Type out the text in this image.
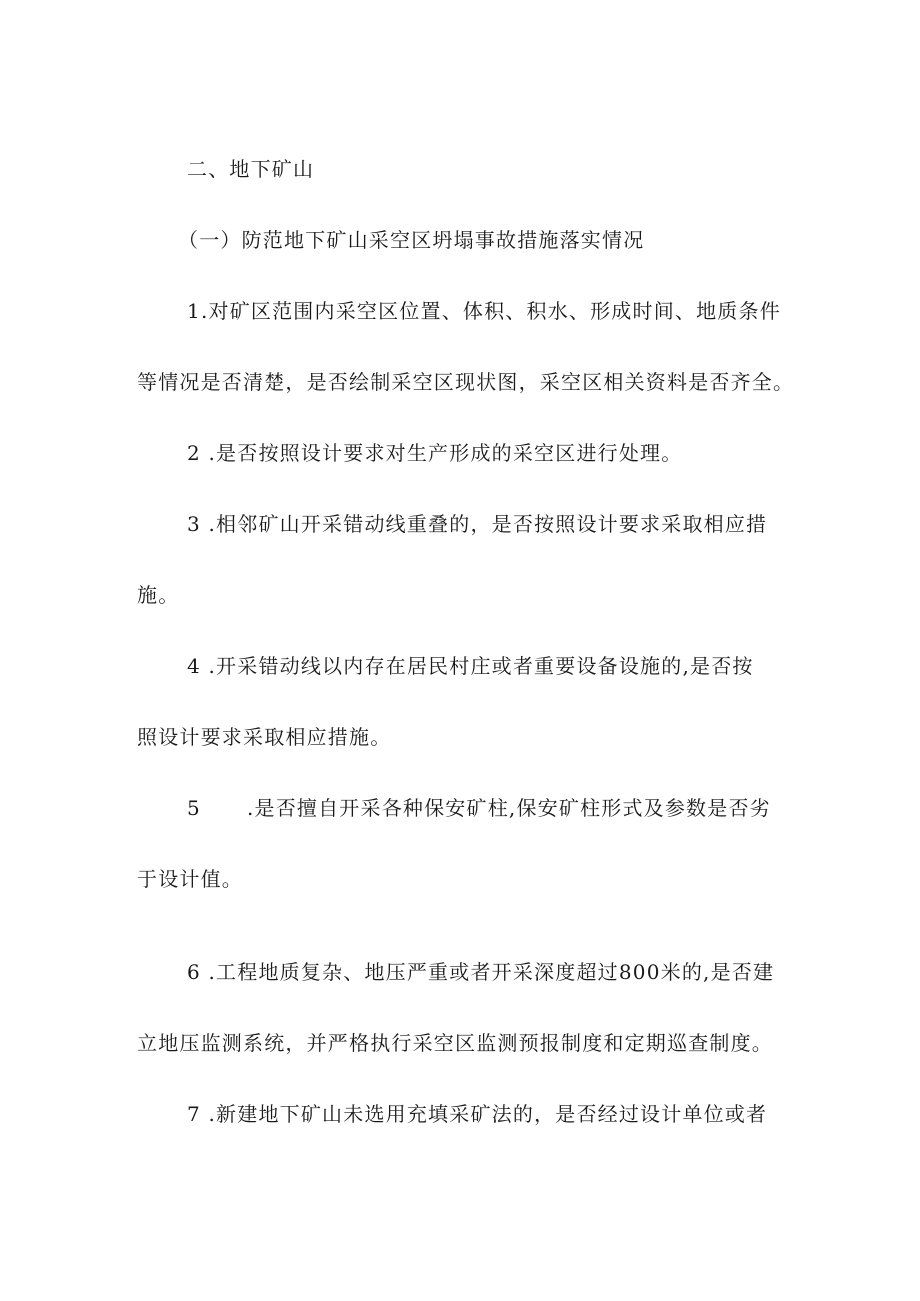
二、地下矿山

（一）防范地下矿山采空区坍塌事故措施落实情况

1.对矿区范围内采空区位置、体积、积水、形成时间、地质条件

等情况是否清楚，是否绘制采空区现状图，采空区相关资料是否齐全。

2 .是否按照设计要求对生产形成的采空区进行处理。

3 .相邻矿山开采错动线重叠的，是否按照设计要求采取相应措

施。

4 .开采错动线以内存在居民村庄或者重要设备设施的,是否按

照设计要求采取相应措施。

5 .是否擅自开采各种保安矿柱,保安矿柱形式及参数是否劣

于设计值。

6 .工程地质复杂、地压严重或者开采深度超过800米的,是否建

立地压监测系统，并严格执行采空区监测预报制度和定期巡查制度。

7 .新建地下矿山未选用充填采矿法的，是否经过设计单位或者
